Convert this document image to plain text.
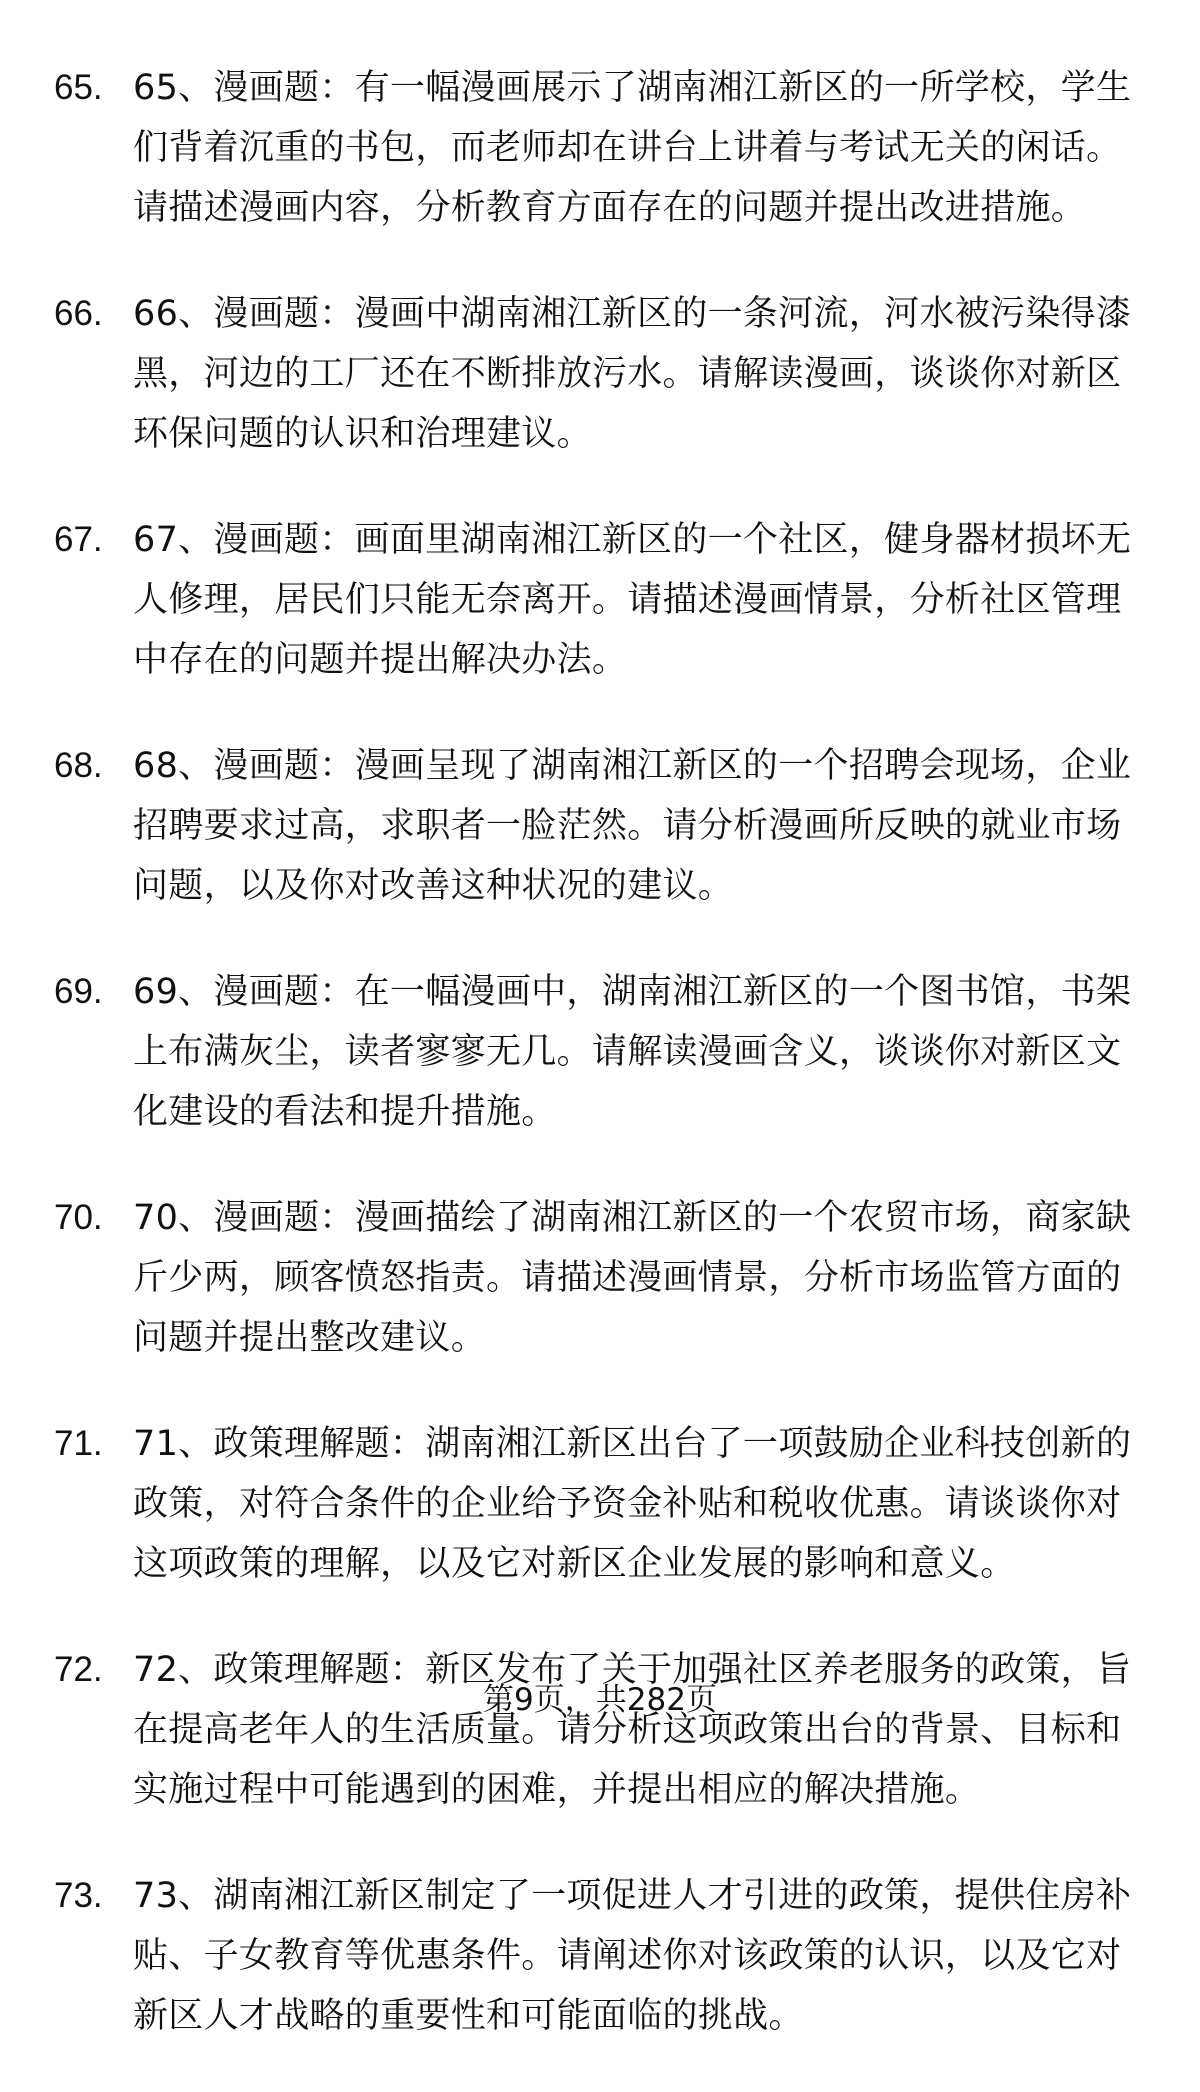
65. 65、漫画题：有一幅漫画展示了湖南湘江新区的一所学校，学生们背着沉重的书包，而老师却在讲台上讲着与考试无关的闲话。请描述漫画内容，分析教育方面存在的问题并提出改进措施。
66. 66、漫画题：漫画中湖南湘江新区的一条河流，河水被污染得漆黑，河边的工厂还在不断排放污水。请解读漫画，谈谈你对新区环保问题的认识和治理建议。
67. 67、漫画题：画面里湖南湘江新区的一个社区，健身器材损坏无人修理，居民们只能无奈离开。请描述漫画情景，分析社区管理中存在的问题并提出解决办法。
68. 68、漫画题：漫画呈现了湖南湘江新区的一个招聘会现场，企业招聘要求过高，求职者一脸茫然。请分析漫画所反映的就业市场问题，以及你对改善这种状况的建议。
69. 69、漫画题：在一幅漫画中，湖南湘江新区的一个图书馆，书架上布满灰尘，读者寥寥无几。请解读漫画含义，谈谈你对新区文化建设的看法和提升措施。
70. 70、漫画题：漫画描绘了湖南湘江新区的一个农贸市场，商家缺斤少两，顾客愤怒指责。请描述漫画情景，分析市场监管方面的问题并提出整改建议。
71. 71、政策理解题：湖南湘江新区出台了一项鼓励企业科技创新的政策，对符合条件的企业给予资金补贴和税收优惠。请谈谈你对这项政策的理解，以及它对新区企业发展的影响和意义。
72. 72、政策理解题：新区发布了关于加强社区养老服务的政策，旨在提高老年人的生活质量。请分析这项政策出台的背景、目标和实施过程中可能遇到的困难，并提出相应的解决措施。
73. 73、湖南湘江新区制定了一项促进人才引进的政策，提供住房补贴、子女教育等优惠条件。请阐述你对该政策的认识，以及它对新区人才战略的重要性和可能面临的挑战。
第9页，共282页
